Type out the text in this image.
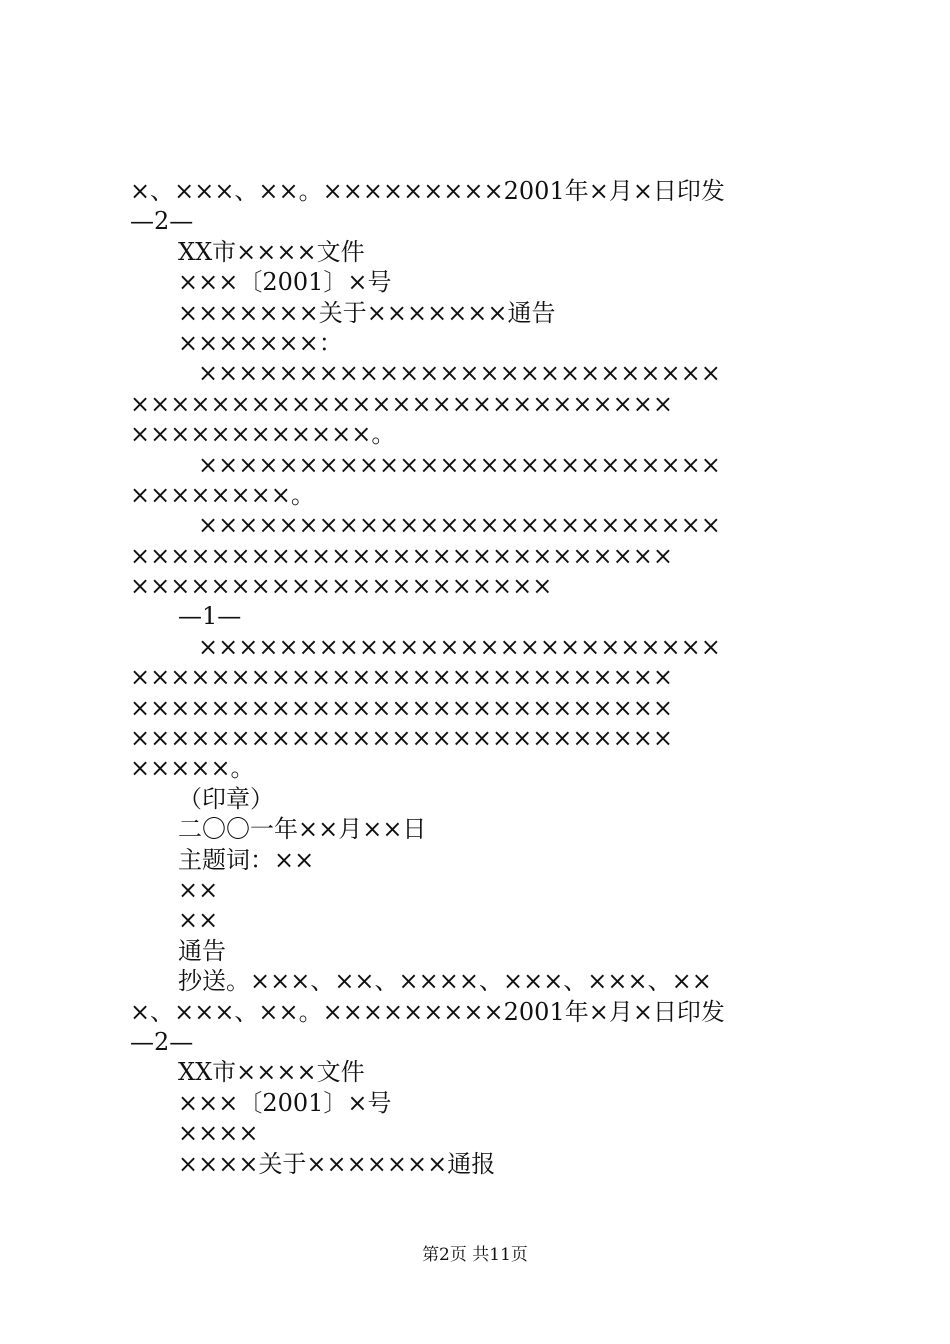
×、×××、××。×××××××××2001年×月×日印发
—2—
XX市××××文件
×××〔2001〕×号
×××××××关于×××××××通告
×××××××：
××××××××××××××××××××××××××
×××××××××××××××××××××××××××
××××××××××××。
××××××××××××××××××××××××××
××××××××。
××××××××××××××××××××××××××
×××××××××××××××××××××××××××
×××××××××××××××××××××
—1—
××××××××××××××××××××××××××
×××××××××××××××××××××××××××
×××××××××××××××××××××××××××
×××××××××××××××××××××××××××
×××××。
（印章）
二〇〇一年××月××日
主题词：××
××
××
通告
抄送。×××、××、××××、×××、×××、××
×、×××、××。×××××××××2001年×月×日印发
—2—
XX市××××文件
×××〔2001〕×号
××××
××××关于×××××××通报
第2页 共11页
